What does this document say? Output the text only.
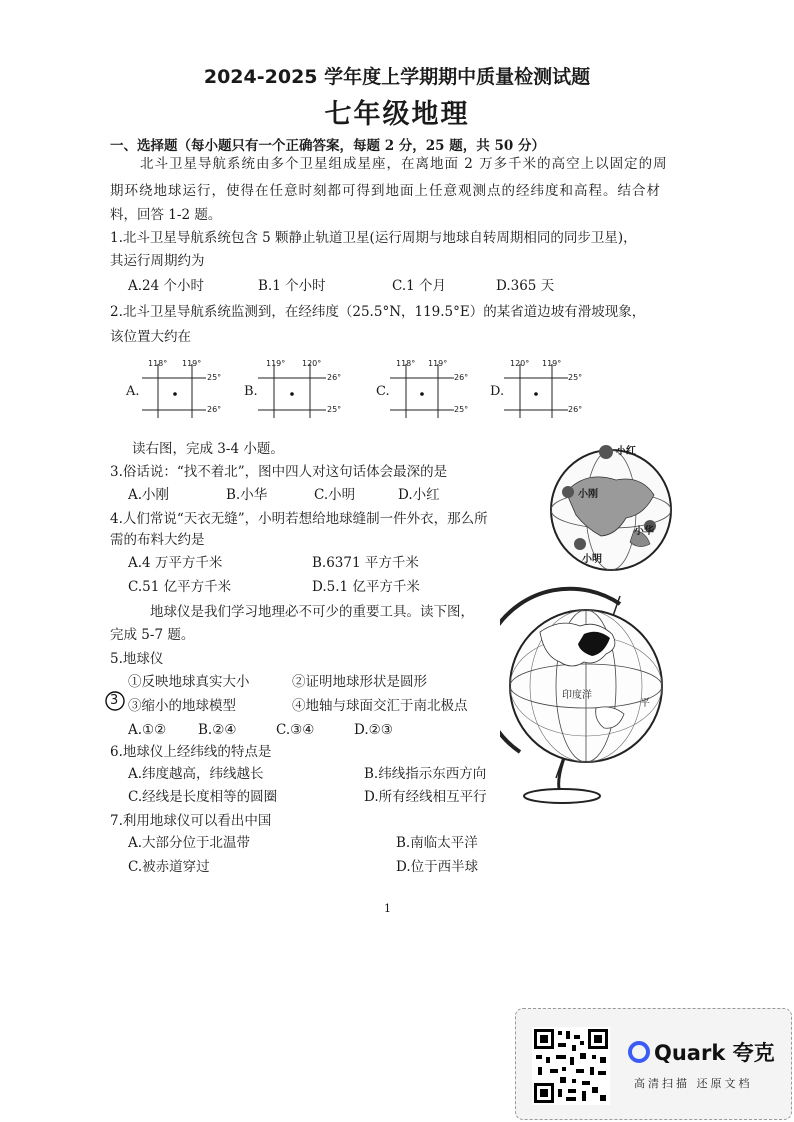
2024-2025 学年度上学期期中质量检测试题
七年级地理
一、选择题（每小题只有一个正确答案，每题 2 分，25 题，共 50 分）
北斗卫星导航系统由多个卫星组成星座，在离地面 2 万多千米的高空上以固定的周
期环绕地球运行，使得在任意时刻都可得到地面上任意观测点的经纬度和高程。结合材
料，回答 1-2 题。
1.北斗卫星导航系统包含 5 颗静止轨道卫星(运行周期与地球自转周期相同的同步卫星)，
其运行周期约为
A.24 个小时	B.1 个小时	C.1 个月	D.365 天
2.北斗卫星导航系统监测到，在经纬度（25.5°N，119.5°E）的某省道边坡有滑坡现象，
该位置大约在
A.
118° 119°
25°
26°
B.
119° 120°
26°
25°
C.
118° 119°
26°
25°
D.
120° 119°
25°
26°
读右图，完成 3-4 小题。
3.俗话说：“找不着北”，图中四人对这句话体会最深的是
A.小刚	B.小华	C.小明	D.小红
小红
小刚
小华
小明
4.人们常说“天衣无缝”，小明若想给地球缝制一件外衣，那么所
需的布料大约是
A.4 万平方千米	B.6371 平方千米
C.51 亿平方千米	D.5.1 亿平方千米
地球仪是我们学习地理必不可少的重要工具。读下图，
完成 5-7 题。
印度洋
平
5.地球仪
①反映地球真实大小	②证明地球形状是圆形
3 ③缩小的地球模型	④地轴与球面交汇于南北极点
A.①② B.②④	C.③④	D.②③
6.地球仪上经纬线的特点是
A.纬度越高，纬线越长	B.纬线指示东西方向
C.经线是长度相等的圆圈	D.所有经线相互平行
7.利用地球仪可以看出中国
A.大部分位于北温带	B.南临太平洋
C.被赤道穿过	D.位于西半球
1
Quark 夸克
高清扫描 还原文档
